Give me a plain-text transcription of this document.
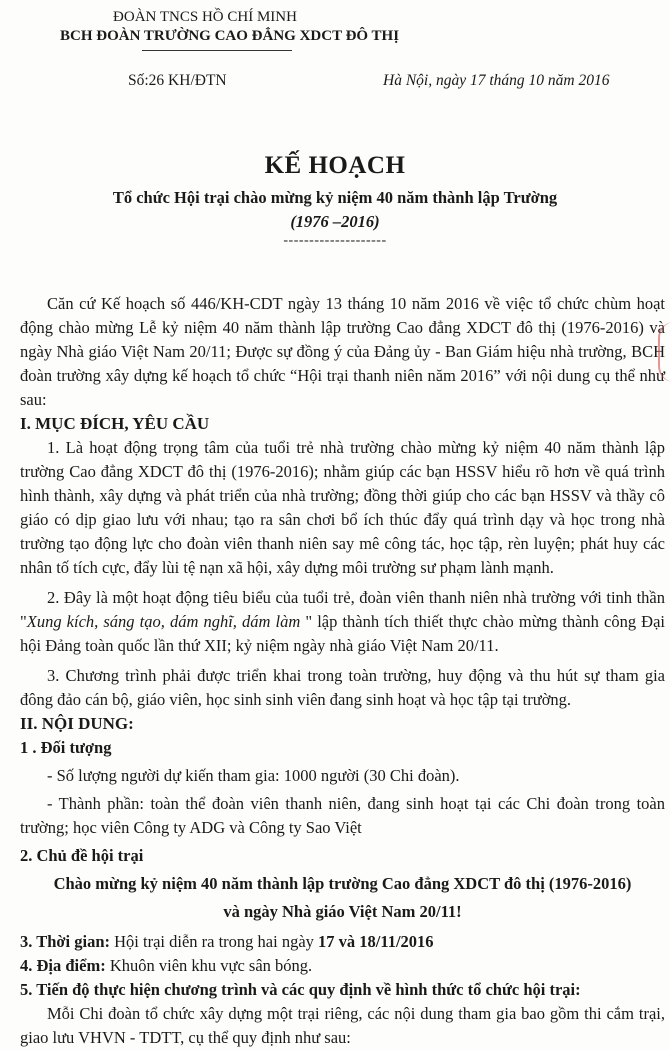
ĐOÀN TNCS HỒ CHÍ MINH
BCH ĐOÀN TRƯỜNG CAO ĐẲNG XDCT ĐÔ THỊ
Số:26 KH/ĐTN	Hà Nội, ngày 17 tháng 10 năm 2016
KẾ HOẠCH
Tổ chức Hội trại chào mừng kỷ niệm 40 năm thành lập Trường
(1976 –2016)
--------------------

Căn cứ Kế hoạch số 446/KH-CDT ngày 13 tháng 10 năm 2016 về việc tổ chức chùm hoạt động chào mừng Lễ kỷ niệm 40 năm thành lập trường Cao đẳng XDCT đô thị (1976-2016) và ngày Nhà giáo Việt Nam 20/11; Được sự đồng ý của Đảng ủy - Ban Giám hiệu nhà trường, BCH đoàn trường xây dựng kế hoạch tổ chức “Hội trại thanh niên năm 2016” với nội dung cụ thể như sau:

I. MỤC ĐÍCH, YÊU CẦU

1. Là hoạt động trọng tâm của tuổi trẻ nhà trường chào mừng kỷ niệm 40 năm thành lập trường Cao đẳng XDCT đô thị (1976-2016); nhằm giúp các bạn HSSV hiểu rõ hơn về quá trình hình thành, xây dựng và phát triển của nhà trường; đồng thời giúp cho các bạn HSSV và thầy cô giáo có dịp giao lưu với nhau; tạo ra sân chơi bổ ích thúc đẩy quá trình dạy và học trong nhà trường tạo động lực cho đoàn viên thanh niên say mê công tác, học tập, rèn luyện; phát huy các nhân tố tích cực, đẩy lùi tệ nạn xã hội, xây dựng môi trường sư phạm lành mạnh.

2. Đây là một hoạt động tiêu biểu của tuổi trẻ, đoàn viên thanh niên nhà trường với tinh thần "Xung kích, sáng tạo, dám nghĩ, dám làm " lập thành tích thiết thực chào mừng thành công Đại hội Đảng toàn quốc lần thứ XII; kỷ niệm ngày nhà giáo Việt Nam 20/11.

3. Chương trình phải được triển khai trong toàn trường, huy động và thu hút sự tham gia đông đảo cán bộ, giáo viên, học sinh sinh viên đang sinh hoạt và học tập tại trường.

II. NỘI DUNG:
1 . Đối tượng

- Số lượng người dự kiến tham gia: 1000 người (30 Chi đoàn).

- Thành phần: toàn thể đoàn viên thanh niên, đang sinh hoạt tại các Chi đoàn trong toàn trường; học viên Công ty ADG và Công ty Sao Việt

2. Chủ đề hội trại
Chào mừng kỷ niệm 40 năm thành lập trường Cao đẳng XDCT đô thị (1976-2016)
và ngày Nhà giáo Việt Nam 20/11!
3. Thời gian: Hội trại diễn ra trong hai ngày 17 và 18/11/2016
4. Địa điểm: Khuôn viên khu vực sân bóng.
5. Tiến độ thực hiện chương trình và các quy định về hình thức tổ chức hội trại:

Mỗi Chi đoàn tổ chức xây dựng một trại riêng, các nội dung tham gia bao gồm thi cắm trại, giao lưu VHVN - TDTT, cụ thể quy định như sau:
